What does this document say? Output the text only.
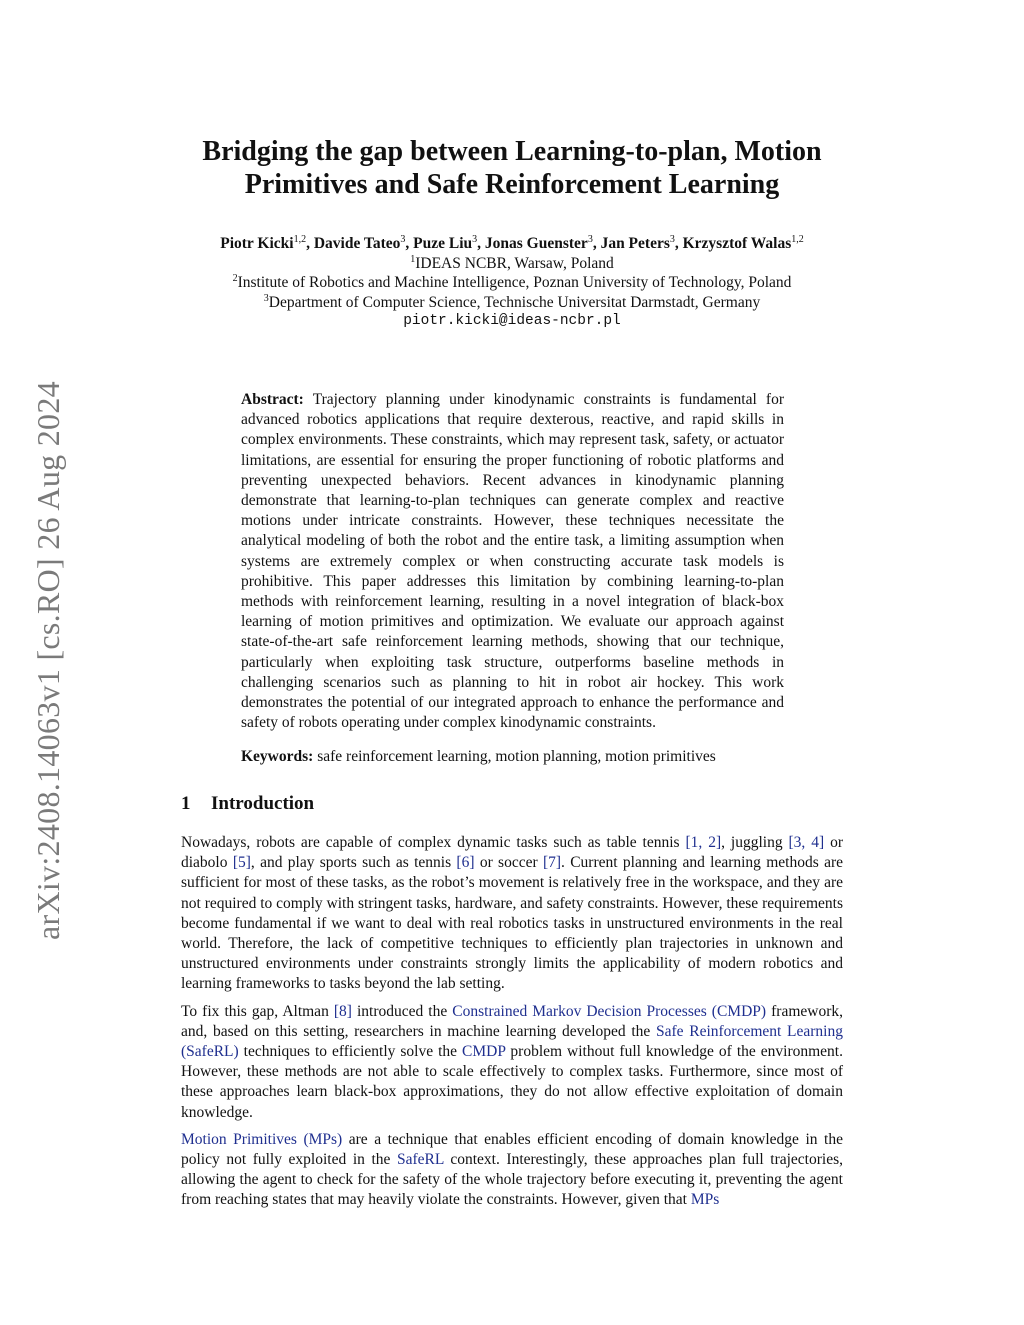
arXiv:2408.14063v1 [cs.RO] 26 Aug 2024
Bridging the gap between Learning-to-plan, Motion
Primitives and Safe Reinforcement Learning
Piotr Kicki$^{1,2}$, Davide Tateo$^3$, Puze Liu$^3$, Jonas Guenster$^3$, Jan Peters$^3$, Krzysztof Walas$^{1,2}$
$^1$IDEAS NCBR, Warsaw, Poland
$^2$Institute of Robotics and Machine Intelligence, Poznan University of Technology, Poland
$^3$Department of Computer Science, Technische Universitat Darmstadt, Germany
piotr.kicki@ideas-ncbr.pl
Abstract: Trajectory planning under kinodynamic constraints is fundamental for advanced robotics applications that require dexterous, reactive, and rapid skills in complex environments. These constraints, which may represent task, safety, or actuator limitations, are essential for ensuring the proper functioning of robotic platforms and preventing unexpected behaviors. Recent advances in kinodynamic planning demonstrate that learning-to-plan techniques can generate complex and reactive motions under intricate constraints. However, these techniques necessitate the analytical modeling of both the robot and the entire task, a limiting assumption when systems are extremely complex or when constructing accurate task models is prohibitive. This paper addresses this limitation by combining learning-to-plan methods with reinforcement learning, resulting in a novel integration of black-box learning of motion primitives and optimization. We evaluate our approach against state-of-the-art safe reinforcement learning methods, showing that our technique, particularly when exploiting task structure, outperforms baseline methods in challenging scenarios such as planning to hit in robot air hockey. This work demonstrates the potential of our integrated approach to enhance the performance and safety of robots operating under complex kinodynamic constraints.
Keywords: safe reinforcement learning, motion planning, motion primitives
1 Introduction

Nowadays, robots are capable of complex dynamic tasks such as table tennis [1, 2], juggling [3, 4] or diabolo [5], and play sports such as tennis [6] or soccer [7]. Current planning and learning methods are sufficient for most of these tasks, as the robot’s movement is relatively free in the workspace, and they are not required to comply with stringent tasks, hardware, and safety constraints. However, these requirements become fundamental if we want to deal with real robotics tasks in unstructured environments in the real world. Therefore, the lack of competitive techniques to efficiently plan trajectories in unknown and unstructured environments under constraints strongly limits the applicability of modern robotics and learning frameworks to tasks beyond the lab setting.

To fix this gap, Altman [8] introduced the Constrained Markov Decision Processes (CMDP) framework, and, based on this setting, researchers in machine learning developed the Safe Reinforcement Learning (SafeRL) techniques to efficiently solve the CMDP problem without full knowledge of the environment. However, these methods are not able to scale effectively to complex tasks. Furthermore, since most of these approaches learn black-box approximations, they do not allow effective exploitation of domain knowledge.

Motion Primitives (MPs) are a technique that enables efficient encoding of domain knowledge in the policy not fully exploited in the SafeRL context. Interestingly, these approaches plan full trajectories, allowing the agent to check for the safety of the whole trajectory before executing it, preventing the agent from reaching states that may heavily violate the constraints. However, given that MPs
